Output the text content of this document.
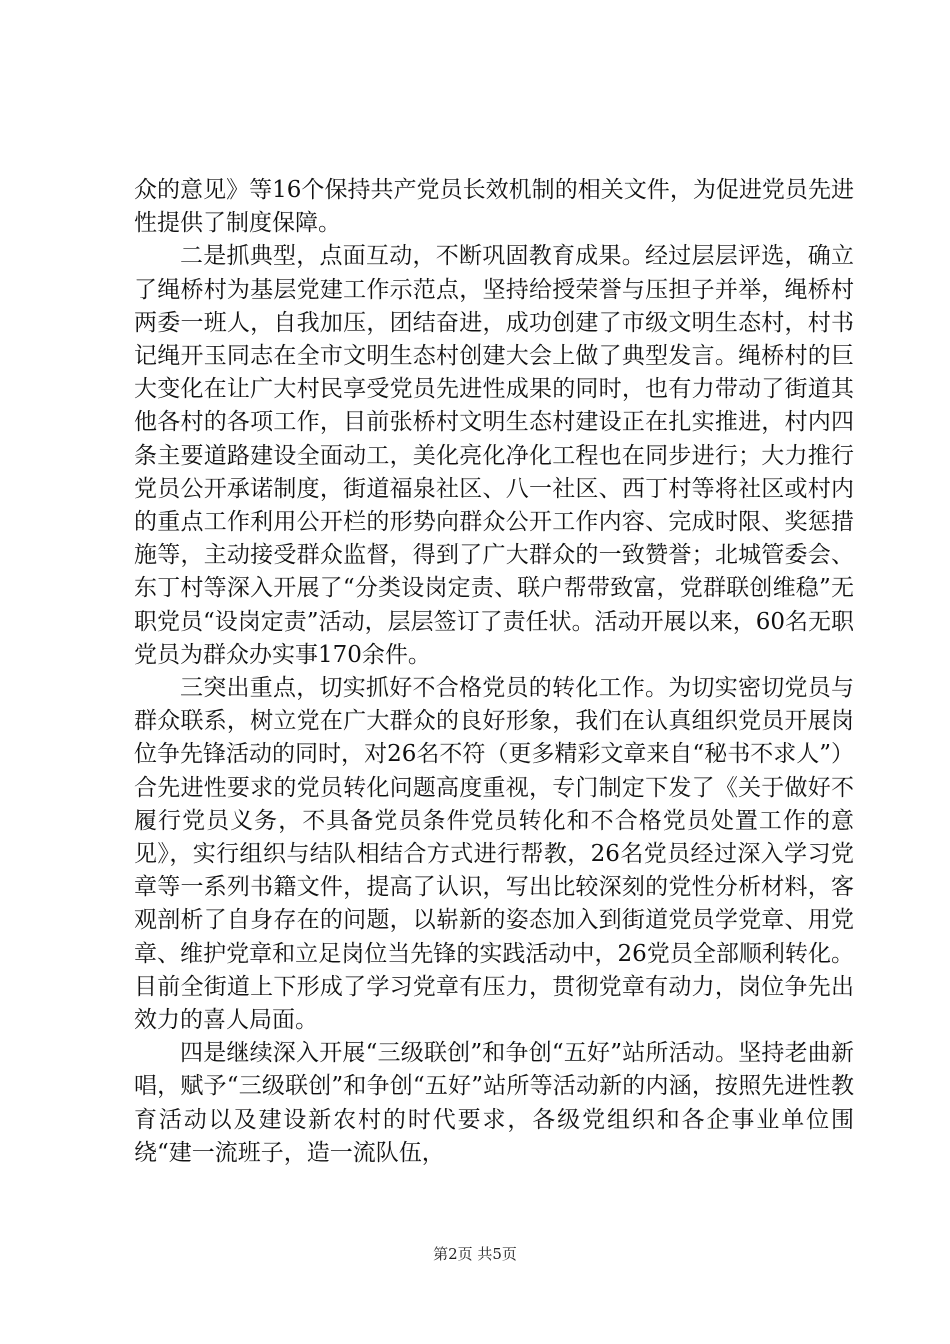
众的意见》等16个保持共产党员长效机制的相关文件，为促进党员先进性提供了制度保障。

二是抓典型，点面互动，不断巩固教育成果。经过层层评选，确立了绳桥村为基层党建工作示范点，坚持给授荣誉与压担子并举，绳桥村两委一班人，自我加压，团结奋进，成功创建了市级文明生态村，村书记绳开玉同志在全市文明生态村创建大会上做了典型发言。绳桥村的巨大变化在让广大村民享受党员先进性成果的同时，也有力带动了街道其他各村的各项工作，目前张桥村文明生态村建设正在扎实推进，村内四条主要道路建设全面动工，美化亮化净化工程也在同步进行；大力推行党员公开承诺制度，街道福泉社区、八一社区、西丁村等将社区或村内的重点工作利用公开栏的形势向群众公开工作内容、完成时限、奖惩措施等，主动接受群众监督，得到了广大群众的一致赞誉；北城管委会、东丁村等深入开展了“分类设岗定责、联户帮带致富，党群联创维稳”无职党员“设岗定责”活动，层层签订了责任状。活动开展以来，60名无职党员为群众办实事170余件。

三突出重点，切实抓好不合格党员的转化工作。为切实密切党员与群众联系，树立党在广大群众的良好形象，我们在认真组织党员开展岗位争先锋活动的同时，对26名不符（更多精彩文章来自“秘书不求人”）合先进性要求的党员转化问题高度重视，专门制定下发了《关于做好不履行党员义务，不具备党员条件党员转化和不合格党员处置工作的意见》，实行组织与结队相结合方式进行帮教，26名党员经过深入学习党章等一系列书籍文件，提高了认识，写出比较深刻的党性分析材料，客观剖析了自身存在的问题，以崭新的姿态加入到街道党员学党章、用党章、维护党章和立足岗位当先锋的实践活动中，26党员全部顺利转化。目前全街道上下形成了学习党章有压力，贯彻党章有动力，岗位争先出效力的喜人局面。

四是继续深入开展“三级联创”和争创“五好”站所活动。坚持老曲新唱，赋予“三级联创”和争创“五好”站所等活动新的内涵，按照先进性教育活动以及建设新农村的时代要求，各级党组织和各企事业单位围绕“建一流班子，造一流队伍，

第2页 共5页
